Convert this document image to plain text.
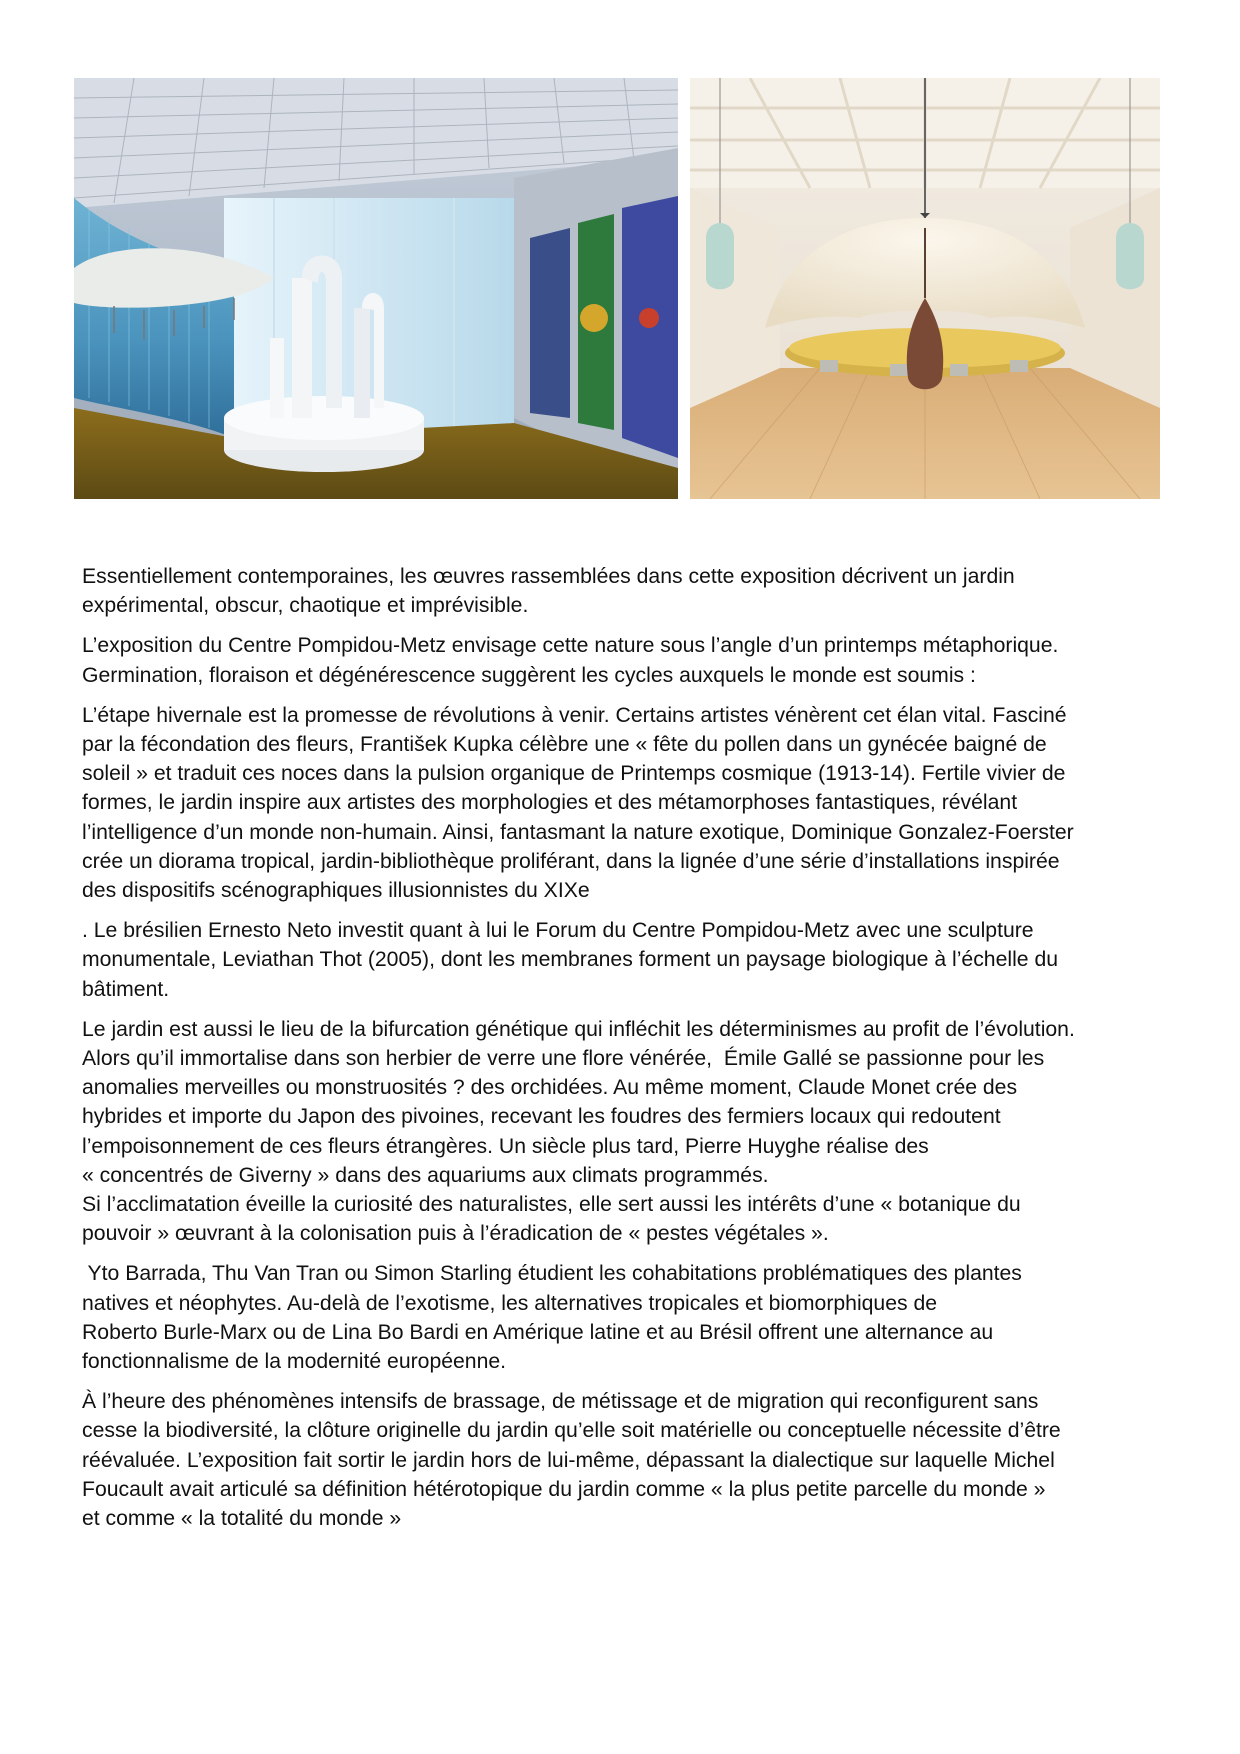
Essentiellement contemporaines, les œuvres rassemblées dans cette exposition décrivent un jardin
expérimental, obscur, chaotique et imprévisible.

L’exposition du Centre Pompidou-Metz envisage cette nature sous l’angle d’un printemps métaphorique.
Germination, floraison et dégénérescence suggèrent les cycles auxquels le monde est soumis :

L’étape hivernale est la promesse de révolutions à venir. Certains artistes vénèrent cet élan vital. Fasciné
par la fécondation des fleurs, František Kupka célèbre une « fête du pollen dans un gynécée baigné de
soleil » et traduit ces noces dans la pulsion organique de Printemps cosmique (1913-14). Fertile vivier de
formes, le jardin inspire aux artistes des morphologies et des métamorphoses fantastiques, révélant
l’intelligence d’un monde non-humain. Ainsi, fantasmant la nature exotique, Dominique Gonzalez-Foerster
crée un diorama tropical, jardin-bibliothèque proliférant, dans la lignée d’une série d’installations inspirée
des dispositifs scénographiques illusionnistes du XIXe

. Le brésilien Ernesto Neto investit quant à lui le Forum du Centre Pompidou-Metz avec une sculpture
monumentale, Leviathan Thot (2005), dont les membranes forment un paysage biologique à l’échelle du
bâtiment.

Le jardin est aussi le lieu de la bifurcation génétique qui infléchit les déterminismes au profit de l’évolution.
Alors qu’il immortalise dans son herbier de verre une flore vénérée,  Émile Gallé se passionne pour les
anomalies merveilles ou monstruosités ? des orchidées. Au même moment, Claude Monet crée des
hybrides et importe du Japon des pivoines, recevant les foudres des fermiers locaux qui redoutent
l’empoisonnement de ces fleurs étrangères. Un siècle plus tard, Pierre Huyghe réalise des
« concentrés de Giverny » dans des aquariums aux climats programmés.
Si l’acclimatation éveille la curiosité des naturalistes, elle sert aussi les intérêts d’une « botanique du
pouvoir » œuvrant à la colonisation puis à l’éradication de « pestes végétales ».

Yto Barrada, Thu Van Tran ou Simon Starling étudient les cohabitations problématiques des plantes
natives et néophytes. Au-delà de l’exotisme, les alternatives tropicales et biomorphiques de
Roberto Burle-Marx ou de Lina Bo Bardi en Amérique latine et au Brésil offrent une alternance au
fonctionnalisme de la modernité européenne.

À l’heure des phénomènes intensifs de brassage, de métissage et de migration qui reconfigurent sans
cesse la biodiversité, la clôture originelle du jardin qu’elle soit matérielle ou conceptuelle nécessite d’être
réévaluée. L’exposition fait sortir le jardin hors de lui-même, dépassant la dialectique sur laquelle Michel
Foucault avait articulé sa définition hétérotopique du jardin comme « la plus petite parcelle du monde »
et comme « la totalité du monde »
